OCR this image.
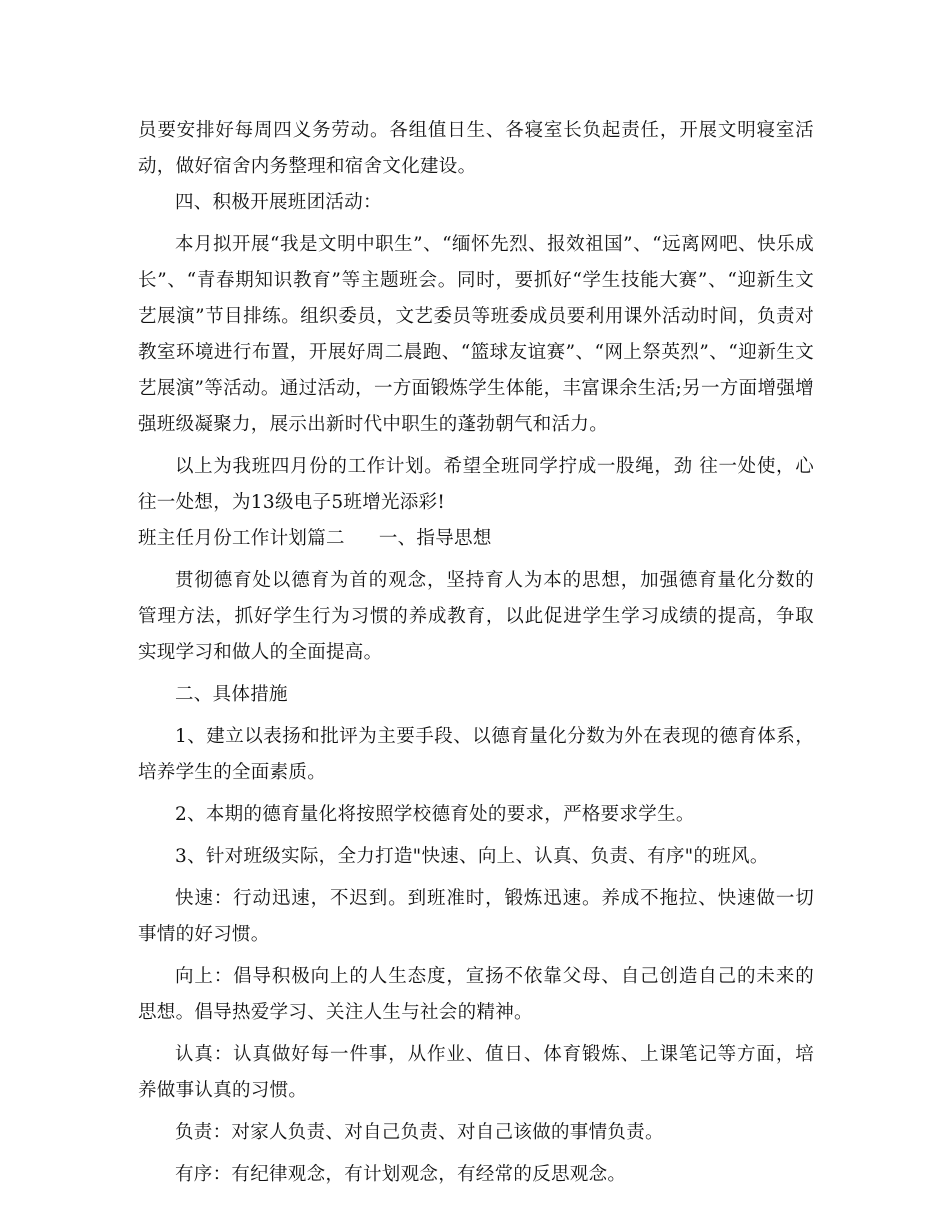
员要安排好每周四义务劳动。各组值日生、各寝室长负起责任，开展文明寝室活动，做好宿舍内务整理和宿舍文化建设。

四、积极开展班团活动：

本月拟开展“我是文明中职生”、“缅怀先烈、报效祖国”、“远离网吧、快乐成长”、“青春期知识教育”等主题班会。同时，要抓好“学生技能大赛”、“迎新生文艺展演”节目排练。组织委员，文艺委员等班委成员要利用课外活动时间，负责对教室环境进行布置，开展好周二晨跑、“篮球友谊赛”、“网上祭英烈”、“迎新生文艺展演”等活动。通过活动，一方面锻炼学生体能，丰富课余生活;另一方面增强增强班级凝聚力，展示出新时代中职生的蓬勃朝气和活力。

以上为我班四月份的工作计划。希望全班同学拧成一股绳，劲 往一处使，心往一处想，为13级电子5班增光添彩!

班主任月份工作计划篇二 一、指导思想

贯彻德育处以德育为首的观念，坚持育人为本的思想，加强德育量化分数的管理方法，抓好学生行为习惯的养成教育，以此促进学生学习成绩的提高，争取实现学习和做人的全面提高。

二、具体措施

1、建立以表扬和批评为主要手段、以德育量化分数为外在表现的德育体系，培养学生的全面素质。

2、本期的德育量化将按照学校德育处的要求，严格要求学生。

3、针对班级实际，全力打造"快速、向上、认真、负责、有序"的班风。

快速：行动迅速，不迟到。到班准时，锻炼迅速。养成不拖拉、快速做一切事情的好习惯。

向上：倡导积极向上的人生态度，宣扬不依靠父母、自己创造自己的未来的思想。倡导热爱学习、关注人生与社会的精神。

认真：认真做好每一件事，从作业、值日、体育锻炼、上课笔记等方面，培养做事认真的习惯。

负责：对家人负责、对自己负责、对自己该做的事情负责。

有序：有纪律观念，有计划观念，有经常的反思观念。
